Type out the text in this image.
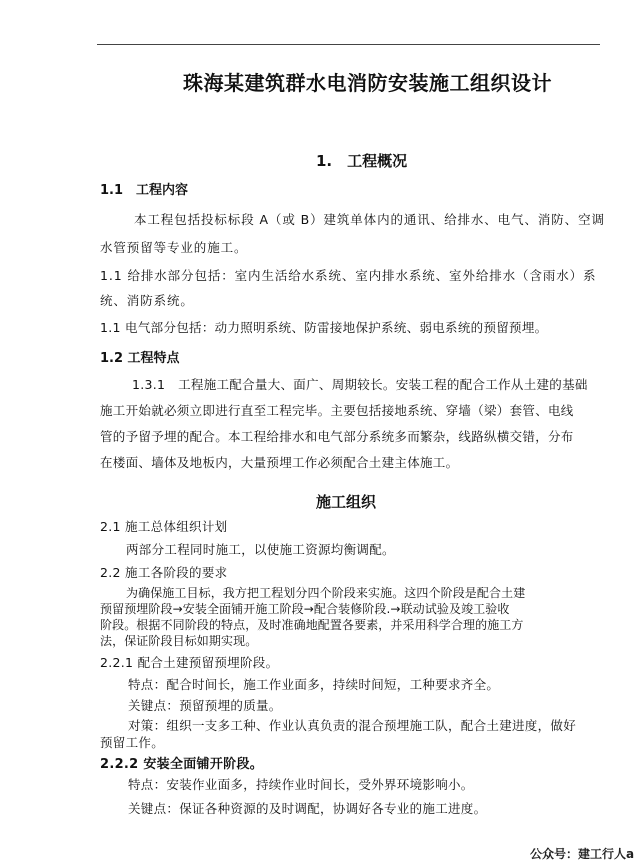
珠海某建筑群水电消防安装施工组织设计
1.　工程概况
1.1　工程内容
本工程包括投标标段 A（或 B）建筑单体内的通讯、给排水、电气、消防、空调
水管预留等专业的施工。
1.1 给排水部分包括：室内生活给水系统、室内排水系统、室外给排水（含雨水）系
统、消防系统。
1.1 电气部分包括：动力照明系统、防雷接地保护系统、弱电系统的预留预埋。
1.2 工程特点
1.3.1　工程施工配合量大、面广、周期较长。安装工程的配合工作从土建的基础
施工开始就必须立即进行直至工程完毕。主要包括接地系统、穿墙（梁）套管、电线
管的予留予埋的配合。本工程给排水和电气部分系统多而繁杂，线路纵横交错，分布
在楼面、墙体及地板内，大量预埋工作必须配合土建主体施工。
施工组织
2.1 施工总体组织计划
两部分工程同时施工，以使施工资源均衡调配。
2.2 施工各阶段的要求
为确保施工目标，我方把工程划分四个阶段来实施。这四个阶段是配合土建
预留预埋阶段→安装全面铺开施工阶段→配合装修阶段.→联动试验及竣工验收
阶段。根据不同阶段的特点，及时准确地配置各要素，并采用科学合理的施工方
法，保证阶段目标如期实现。
2.2.1 配合土建预留预埋阶段。
特点：配合时间长，施工作业面多，持续时间短，工种要求齐全。
关键点：预留预埋的质量。
对策：组织一支多工种、作业认真负责的混合预埋施工队，配合土建进度，做好
预留工作。
2.2.2 安装全面铺开阶段。
特点：安装作业面多，持续作业时间长，受外界环境影响小。
关键点：保证各种资源的及时调配，协调好各专业的施工进度。
公众号：建工行人a
